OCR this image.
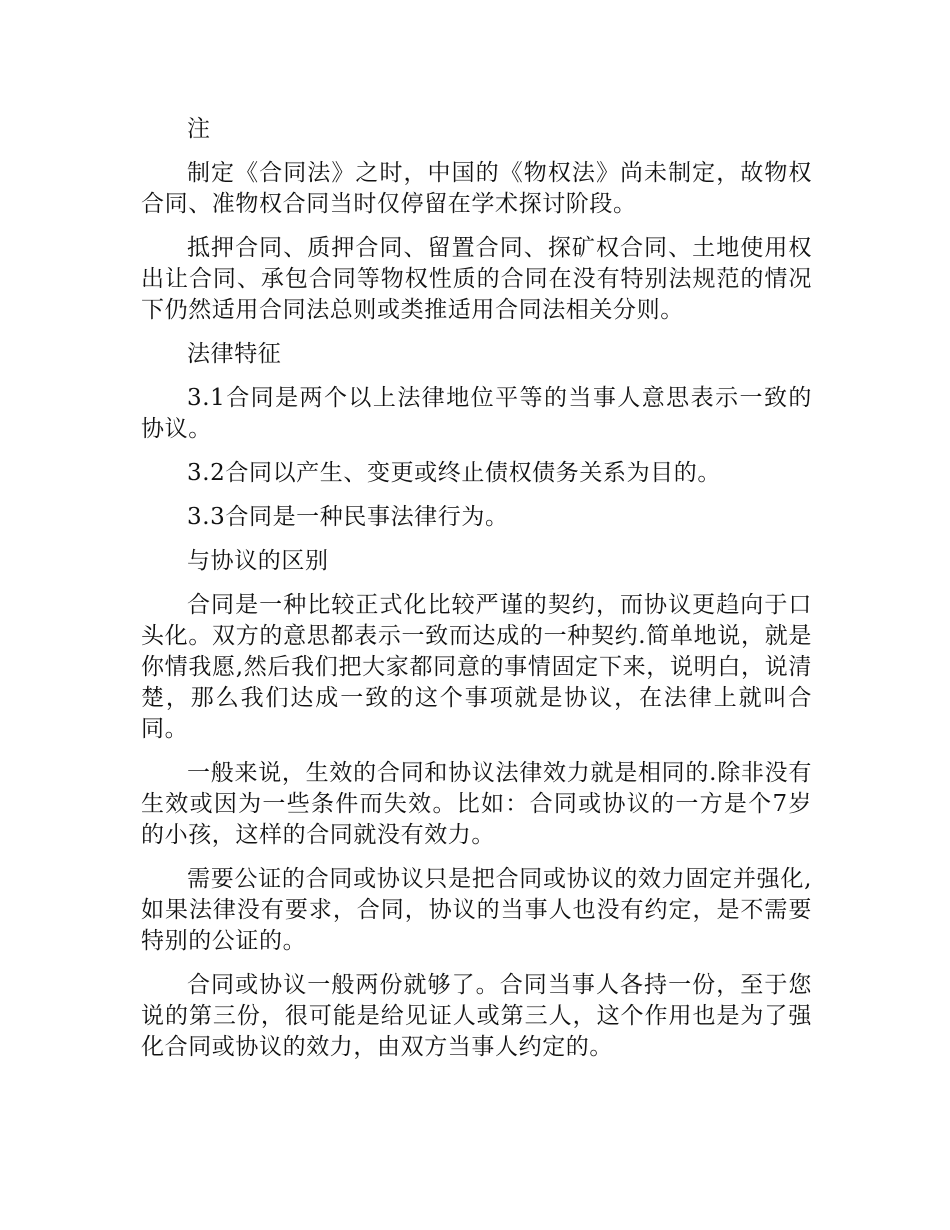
注

制定《合同法》之时，中国的《物权法》尚未制定，故物权合同、准物权合同当时仅停留在学术探讨阶段。

抵押合同、质押合同、留置合同、探矿权合同、土地使用权出让合同、承包合同等物权性质的合同在没有特别法规范的情况下仍然适用合同法总则或类推适用合同法相关分则。

法律特征

3.1合同是两个以上法律地位平等的当事人意思表示一致的协议。

3.2合同以产生、变更或终止债权债务关系为目的。

3.3合同是一种民事法律行为。

与协议的区别

合同是一种比较正式化比较严谨的契约，而协议更趋向于口头化。双方的意思都表示一致而达成的一种契约.简单地说，就是你情我愿,然后我们把大家都同意的事情固定下来，说明白，说清楚，那么我们达成一致的这个事项就是协议，在法律上就叫合同。

一般来说，生效的合同和协议法律效力就是相同的.除非没有生效或因为一些条件而失效。比如：合同或协议的一方是个7岁的小孩，这样的合同就没有效力。

需要公证的合同或协议只是把合同或协议的效力固定并强化,如果法律没有要求，合同，协议的当事人也没有约定，是不需要特别的公证的。

合同或协议一般两份就够了。合同当事人各持一份，至于您说的第三份，很可能是给见证人或第三人，这个作用也是为了强化合同或协议的效力，由双方当事人约定的。
